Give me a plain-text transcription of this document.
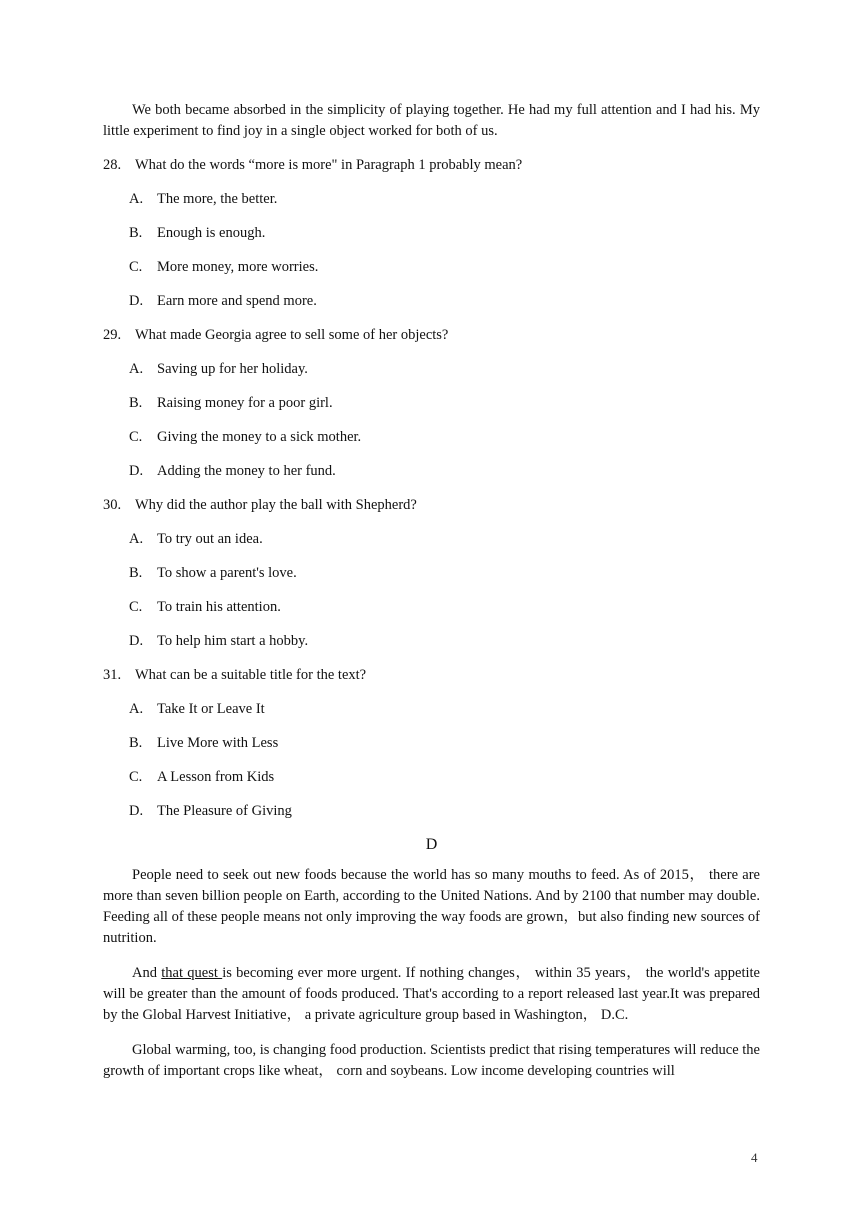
We both became absorbed in the simplicity of playing together. He had my full attention and I had his. My little experiment to find joy in a single object worked for both of us.

28. What do the words “more is more" in Paragraph 1 probably mean?

A. The more, the better.

B. Enough is enough.

C. More money, more worries.

D. Earn more and spend more.

29. What made Georgia agree to sell some of her objects?

A. Saving up for her holiday.

B. Raising money for a poor girl.

C. Giving the money to a sick mother.

D. Adding the money to her fund.

30. Why did the author play the ball with Shepherd?

A. To try out an idea.

B. To show a parent's love.

C. To train his attention.

D. To help him start a hobby.

31. What can be a suitable title for the text?

A. Take It or Leave It

B. Live More with Less

C. A Lesson from Kids

D. The Pleasure of Giving

D

People need to seek out new foods because the world has so many mouths to feed. As of 2015， there are more than seven billion people on Earth, according to the United Nations. And by 2100 that number may double. Feeding all of these people means not only improving the way foods are grown，but also finding new sources of nutrition.

And that quest is becoming ever more urgent. If nothing changes， within 35 years， the world's appetite will be greater than the amount of foods produced. That's according to a report released last year.It was prepared by the Global Harvest Initiative， a private agriculture group based in Washington， D.C.

Global warming, too, is changing food production. Scientists predict that rising temperatures will reduce the growth of important crops like wheat， corn and soybeans. Low income developing countries will

4
